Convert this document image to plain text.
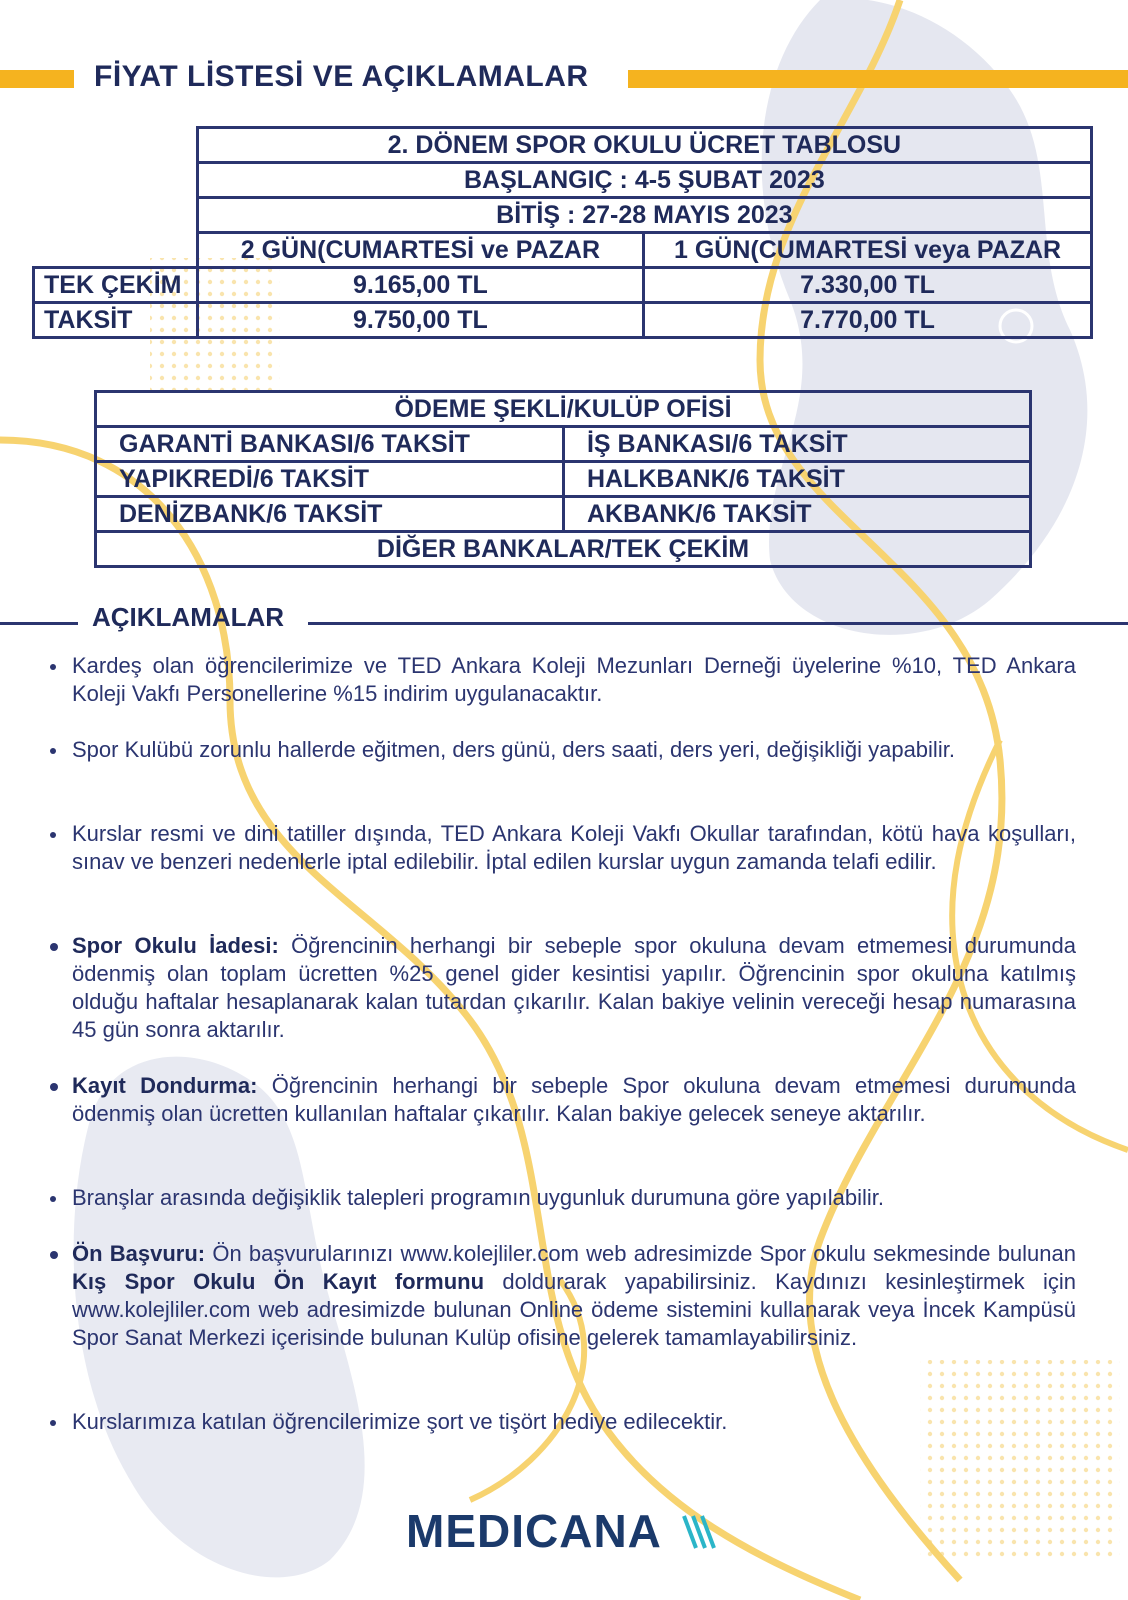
FİYAT LİSTESİ VE AÇIKLAMALAR
	2. DÖNEM SPOR OKULU ÜCRET TABLOSU	
	BAŞLANGIÇ : 4-5 ŞUBAT 2023	
	BİTİŞ : 27-28 MAYIS 2023	
	2 GÜN(CUMARTESİ ve PAZAR	1 GÜN(CUMARTESİ veya PAZAR
TEK ÇEKİM	9.165,00 TL	7.330,00 TL
TAKSİT	9.750,00 TL	7.770,00 TL
ÖDEME ŞEKLİ/KULÜP OFİSİ	
GARANTİ BANKASI/6 TAKSİT	İŞ BANKASI/6 TAKSİT
YAPIKREDİ/6 TAKSİT	HALKBANK/6 TAKSİT
DENİZBANK/6 TAKSİT	AKBANK/6 TAKSİT
DİĞER BANKALAR/TEK ÇEKİM	
AÇIKLAMALAR
Kardeş olan öğrencilerimize ve TED Ankara Koleji Mezunları Derneği üyelerine %10, TED Ankara Koleji Vakfı Personellerine %15 indirim uygulanacaktır.
Spor Kulübü zorunlu hallerde eğitmen, ders günü, ders saati, ders yeri, değişikliği yapabilir.
Kurslar resmi ve dini tatiller dışında, TED Ankara Koleji Vakfı Okullar tarafından, kötü hava koşulları, sınav ve benzeri nedenlerle iptal edilebilir. İptal edilen kurslar uygun zamanda telafi edilir.
Spor Okulu İadesi: Öğrencinin herhangi bir sebeple spor okuluna devam etmemesi durumunda ödenmiş olan toplam ücretten %25 genel gider kesintisi yapılır. Öğrencinin spor okuluna katılmış olduğu haftalar hesaplanarak kalan tutardan çıkarılır. Kalan bakiye velinin vereceği hesap numarasına 45 gün sonra aktarılır.
Kayıt Dondurma: Öğrencinin herhangi bir sebeple Spor okuluna devam etmemesi durumunda ödenmiş olan ücretten kullanılan haftalar çıkarılır. Kalan bakiye gelecek seneye aktarılır.
Branşlar arasında değişiklik talepleri programın uygunluk durumuna göre yapılabilir.
Ön Başvuru: Ön başvurularınızı www.kolejliler.com web adresimizde Spor okulu sekmesinde bulunan Kış Spor Okulu Ön Kayıt formunu doldurarak yapabilirsiniz. Kaydınızı kesinleştirmek için www.kolejliler.com web adresimizde bulunan Online ödeme sistemini kullanarak veya İncek Kampüsü Spor Sanat Merkezi içerisinde bulunan Kulüp ofisine gelerek tamamlayabilirsiniz.
Kurslarımıza katılan öğrencilerimize şort ve tişört hediye edilecektir.
MEDICANA
